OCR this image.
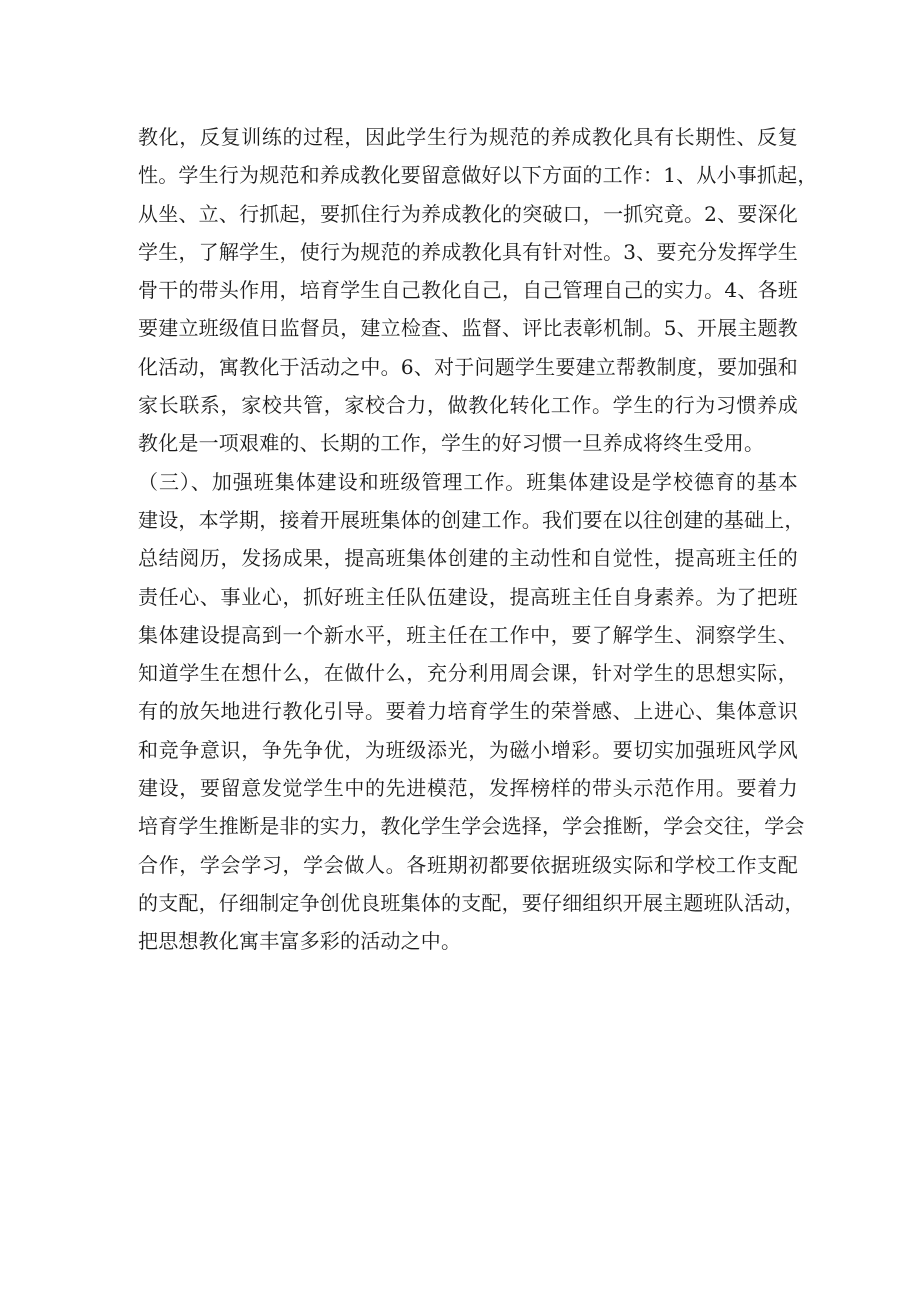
教化，反复训练的过程，因此学生行为规范的养成教化具有长期性、反复
性。学生行为规范和养成教化要留意做好以下方面的工作：1、从小事抓起，
从坐、立、行抓起，要抓住行为养成教化的突破口，一抓究竟。2、要深化
学生，了解学生，使行为规范的养成教化具有针对性。3、要充分发挥学生
骨干的带头作用，培育学生自己教化自己，自己管理自己的实力。4、各班
要建立班级值日监督员，建立检查、监督、评比表彰机制。5、开展主题教
化活动，寓教化于活动之中。6、对于问题学生要建立帮教制度，要加强和
家长联系，家校共管，家校合力，做教化转化工作。学生的行为习惯养成
教化是一项艰难的、长期的工作，学生的好习惯一旦养成将终生受用。
（三）、加强班集体建设和班级管理工作。班集体建设是学校德育的基本
建设，本学期，接着开展班集体的创建工作。我们要在以往创建的基础上，
总结阅历，发扬成果，提高班集体创建的主动性和自觉性，提高班主任的
责任心、事业心，抓好班主任队伍建设，提高班主任自身素养。为了把班
集体建设提高到一个新水平，班主任在工作中，要了解学生、洞察学生、
知道学生在想什么，在做什么，充分利用周会课，针对学生的思想实际，
有的放矢地进行教化引导。要着力培育学生的荣誉感、上进心、集体意识
和竞争意识，争先争优，为班级添光，为磁小增彩。要切实加强班风学风
建设，要留意发觉学生中的先进模范，发挥榜样的带头示范作用。要着力
培育学生推断是非的实力，教化学生学会选择，学会推断，学会交往，学会
合作，学会学习，学会做人。各班期初都要依据班级实际和学校工作支配
的支配，仔细制定争创优良班集体的支配，要仔细组织开展主题班队活动，
把思想教化寓丰富多彩的活动之中。
